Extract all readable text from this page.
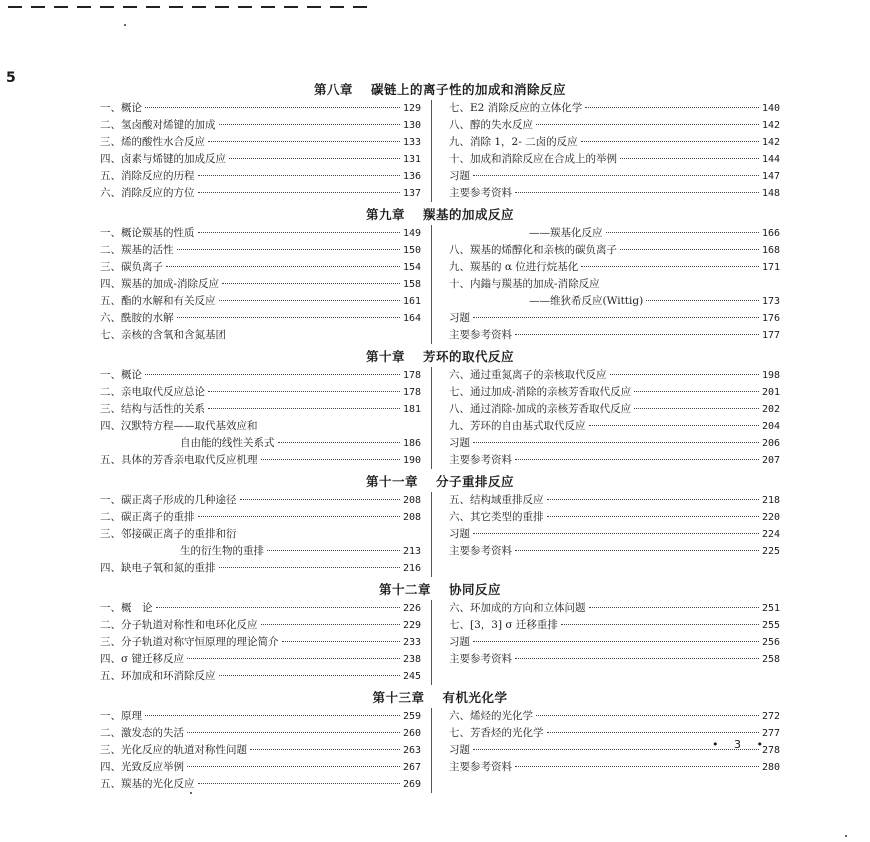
5
第八章 碳链上的离子性的加成和消除反应
一、概论	129
二、氢卤酸对烯键的加成	130
三、烯的酸性水合反应	133
四、卤素与烯键的加成反应	131
五、消除反应的历程	136
六、消除反应的方位	137
七、E2 消除反应的立体化学	140
八、醇的失水反应	142
九、消除 1，2- 二卤的反应	142
十、加成和消除反应在合成上的举例	144
习题	147
主要参考资料	148
第九章 羰基的加成反应
一、概论羰基的性质	149
二、羰基的活性	150
三、碳负离子	154
四、羰基的加成-消除反应	158
五、酯的水解和有关反应	161
六、酰胺的水解	164
七、亲核的含氧和含氮基团
——羰基化反应	166
八、羰基的烯醇化和亲核的碳负离子	168
九、羰基的 α 位进行烷基化	171
十、内鎓与羰基的加成-消除反应
——维狄希反应(Wittig)	173
习题	176
主要参考资料	177
第十章 芳环的取代反应
一、概论	178
二、亲电取代反应总论	178
三、结构与活性的关系	181
四、汉默特方程——取代基效应和
自由能的线性关系式	186
五、具体的芳香亲电取代反应机理	190
六、通过重氮离子的亲核取代反应	198
七、通过加成-消除的亲核芳香取代反应	201
八、通过消除-加成的亲核芳香取代反应	202
九、芳环的自由基式取代反应	204
习题	206
主要参考资料	207
第十一章 分子重排反应
一、碳正离子形成的几种途径	208
二、碳正离子的重排	208
三、邻接碳正离子的重排和衍
生的衍生物的重排	213
四、缺电子氧和氮的重排	216
五、结构域重排反应	218
六、其它类型的重排	220
习题	224
主要参考资料	225
第十二章 协同反应
一、概　论	226
二、分子轨道对称性和电环化反应	229
三、分子轨道对称守恒原理的理论简介	233
四、σ 键迁移反应	238
五、环加成和环消除反应	245
六、环加成的方向和立体问题	251
七、[3，3] σ 迁移重排	255
习题	256
主要参考资料	258
第十三章 有机光化学
一、原理	259
二、激发态的失活	260
三、光化反应的轨道对称性问题	263
四、光致反应举例	267
五、羰基的光化反应	269
六、烯烃的光化学	272
七、芳香烃的光化学	277
习题	278
主要参考资料	280
• 3 •
